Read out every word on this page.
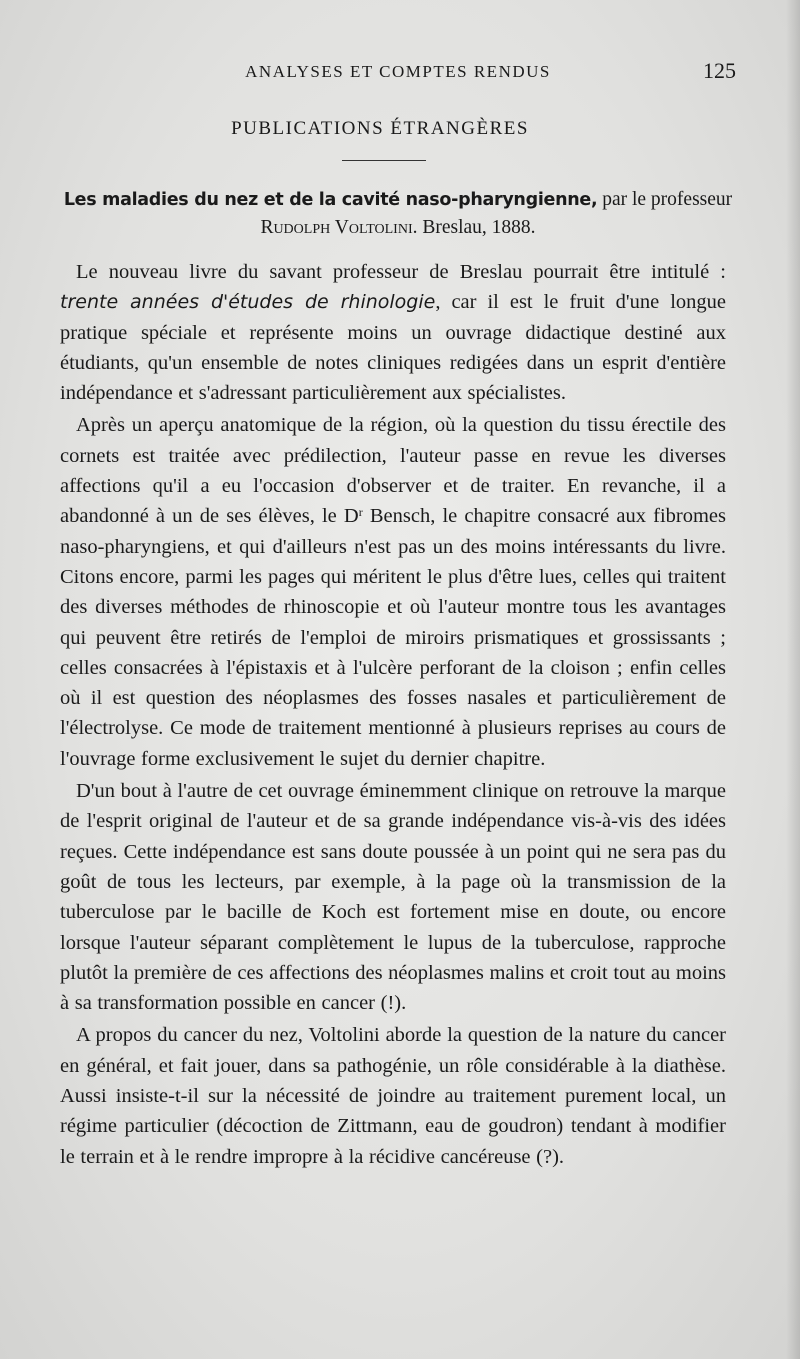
ANALYSES ET COMPTES RENDUS	125
PUBLICATIONS ÉTRANGÈRES
Les maladies du nez et de la cavité naso-pharyngienne, par le professeur Rudolph Voltolini. Breslau, 1888.

Le nouveau livre du savant professeur de Breslau pourrait être intitulé : trente années d'études de rhinologie, car il est le fruit d'une longue pratique spéciale et représente moins un ouvrage didactique destiné aux étudiants, qu'un ensemble de notes cliniques redigées dans un esprit d'entière indépendance et s'adressant particulièrement aux spécialistes.

Après un aperçu anatomique de la région, où la question du tissu érectile des cornets est traitée avec prédilection, l'auteur passe en revue les diverses affections qu'il a eu l'occasion d'observer et de traiter. En revanche, il a abandonné à un de ses élèves, le $D^r$ Bensch, le chapitre consacré aux fibromes naso-pharyngiens, et qui d'ailleurs n'est pas un des moins intéressants du livre. Citons encore, parmi les pages qui méritent le plus d'être lues, celles qui traitent des diverses méthodes de rhinoscopie et où l'auteur montre tous les avantages qui peuvent être retirés de l'emploi de miroirs prismatiques et grossissants ; celles consacrées à l'épistaxis et à l'ulcère perforant de la cloison ; enfin celles où il est question des néoplasmes des fosses nasales et particulièrement de l'électrolyse. Ce mode de traitement mentionné à plusieurs reprises au cours de l'ouvrage forme exclusivement le sujet du dernier chapitre.

D'un bout à l'autre de cet ouvrage éminemment clinique on retrouve la marque de l'esprit original de l'auteur et de sa grande indépendance vis-à-vis des idées reçues. Cette indépendance est sans doute poussée à un point qui ne sera pas du goût de tous les lecteurs, par exemple, à la page où la transmission de la tuberculose par le bacille de Koch est fortement mise en doute, ou encore lorsque l'auteur séparant complètement le lupus de la tuberculose, rapproche plutôt la première de ces affections des néoplasmes malins et croit tout au moins à sa transformation possible en cancer (!).

A propos du cancer du nez, Voltolini aborde la question de la nature du cancer en général, et fait jouer, dans sa pathogénie, un rôle considérable à la diathèse. Aussi insiste-t-il sur la nécessité de joindre au traitement purement local, un régime particulier (décoction de Zittmann, eau de goudron) tendant à modifier le terrain et à le rendre impropre à la récidive cancéreuse (?).
